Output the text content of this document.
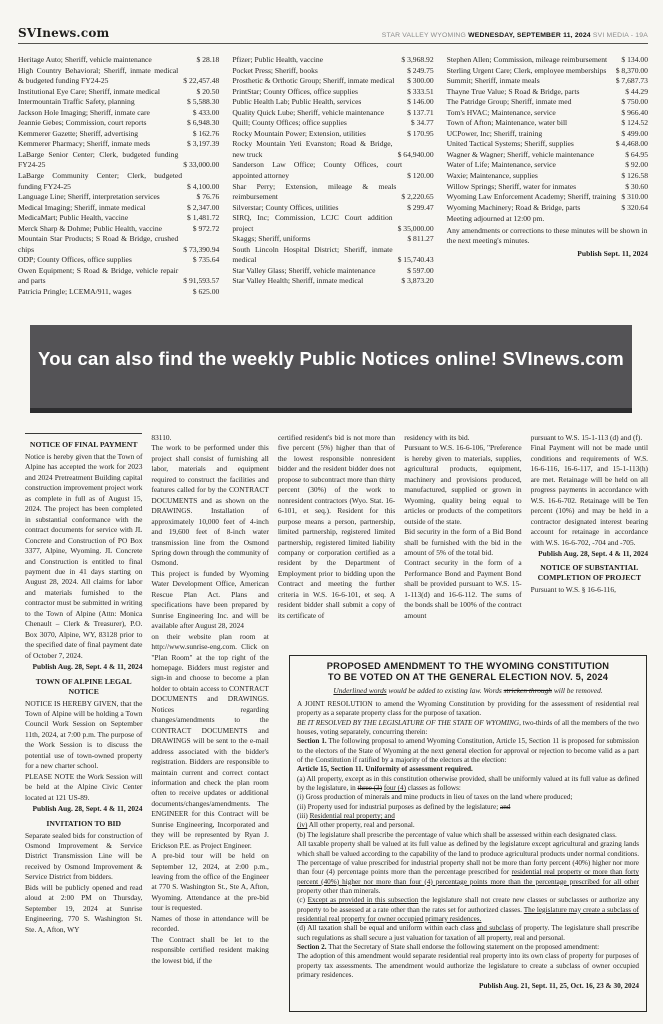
SVInews.com	STAR VALLEY WYOMING WEDNESDAY, SEPTEMBER 11, 2024 SVI MEDIA - 19A
Heritage Auto; Sheriff, vehicle maintenance	$ 28.18
High Country Behavioral; Sheriff, inmate medical & budgeted funding FY24-25	$ 22,457.48
Institutional Eye Care; Sheriff, inmate medical	$ 20.50
Intermountain Traffic Safety, planning	$ 5,588.30
Jackson Hole Imaging; Sheriff, inmate care	$ 433.00
Jeannie Gebes; Commission, court reports	$ 6,948.30
Kemmerer Gazette; Sheriff, advertising	$ 162.76
Kemmerer Pharmacy; Sheriff, inmate meds	$ 3,197.39
LaBarge Senior Center; Clerk, budgeted funding FY24-25	$ 33,000.00
LaBarge Community Center; Clerk, budgeted funding FY24-25	$ 4,100.00
Language Line; Sheriff, interpretation services	$ 76.76
Medical Imaging; Sheriff, inmate medical	$ 2,347.00
MedicaMart; Public Health, vaccine	$ 1,481.72
Merck Sharp & Dohme; Public Health, vaccine	$ 972.72
Mountain Star Products; S Road & Bridge, crushed chips	$ 73,390.94
ODP; County Offices, office supplies	$ 735.64
Owen Equipment; S Road & Bridge, vehicle repair and parts	$ 91,593.57
Patricia Pringle; LCEMA/911, wages	$ 625.00
Pfizer; Public Health, vaccine	$ 3,968.92
Pocket Press; Sheriff, books	$ 249.75
Prosthetic & Orthotic Group; Sheriff, inmate medical $ 300.00
PrintStar; County Offices, office supplies	$ 333.51
Public Health Lab; Public Health, services	$ 146.00
Quality Quick Lube; Sheriff, vehicle maintenance	$ 137.71
Quill; County Offices; office supplies	$ 34.77
Rocky Mountain Power; Extension, utilities	$ 170.95
Rocky Mountain Yeti Evanston; Road & Bridge, new truck	$ 64,940.00
Sanderson Law Office; County Offices, court appointed attorney	$ 120.00
Shar Perry; Extension, mileage & meals reimbursement	$ 2,220.65
Silverstar; County Offices, utilities	$ 299.47
SIRQ, Inc; Commission, LCJC Court addition project	$ 35,000.00
Skaggs; Sheriff, uniforms	$ 811.27
South Lincoln Hospital District; Sheriff, inmate medical	$ 15,740.43
Star Valley Glass; Sheriff, vehicle maintenance	$ 597.00
Star Valley Health; Sheriff, inmate medical	$ 3,873.20
Stephen Allen; Commission, mileage reimbursement $ 134.00
Sterling Urgent Care; Clerk, employee memberships $ 8,370.00
Summit; Sheriff, inmate meals	$ 7,687.73
Thayne True Value; S Road & Bridge, parts	$ 44.29
The Patridge Group; Sheriff, inmate med	$ 750.00
Tom's HVAC; Maintenance, service	$ 966.40
Town of Afton; Maintenance, water bill	$ 124.52
UCPower, Inc; Sheriff, training	$ 499.00
United Tactical Systems; Sheriff, supplies	$ 4,468.00
Wagner & Wagner; Sheriff, vehicle maintenance	$ 64.95
Water of Life; Maintenance, service	$ 92.00
Waxie; Maintenance, supplies	$ 126.58
Willow Springs; Sheriff, water for inmates	$ 30.60
Wyoming Law Enforcement Academy; Sheriff, training $ 310.00
Wyoming Machinery; Road & Bridge, parts	$ 320.64
Meeting adjourned at 12:00 pm.
Any amendments or corrections to these minutes will be shown in the next meeting's minutes.
Publish Sept. 11, 2024
You can also find the weekly Public Notices online! SVInews.com
NOTICE OF FINAL PAYMENT
Notice is hereby given that the Town of Alpine has accepted the work for 2023 and 2024 Pretreatment Building capital construction improvement project work as complete in full as of August 15, 2024. The project has been completed in substantial conformance with the contract documents for service with JL Concrete and Construction of PO Box 3377, Alpine, Wyoming. JL Concrete and Construction is entitled to final payment due in 41 days starting on August 28, 2024. All claims for labor and materials furnished to the contractor must be submitted in writing to the Town of Alpine (Attn: Monica Chenault – Clerk & Treasurer), P.O. Box 3070, Alpine, WY, 83128 prior to the specified date of final payment date of October 7, 2024.
Publish Aug. 28, Sept. 4 & 11, 2024
TOWN OF ALPINE LEGAL NOTICE
NOTICE IS HEREBY GIVEN, that the Town of Alpine will be holding a Town Council Work Session on September 11th, 2024, at 7:00 p.m. The purpose of the Work Session is to discuss the potential use of town-owned property for a new charter school.
PLEASE NOTE the Work Session will be held at the Alpine Civic Center located at 121 US-89.
Publish Aug. 28, Sept. 4 & 11, 2024
INVITATION TO BID
Separate sealed bids for construction of Osmond Improvement & Service District Transmission Line will be received by Osmond Improvement & Service District from bidders.
Bids will be publicly opened and read aloud at 2:00 PM on Thursday, September 19, 2024 at Sunrise Engineering, 770 S. Washington St. Ste. A, Afton, WY
83110.
The work to be performed under this project shall consist of furnishing all labor, materials and equipment required to construct the facilities and features called for by the CONTRACT DOCUMENTS and as shown on the DRAWINGS. Installation of approximately 10,000 feet of 4-inch and 19,600 feet of 8-inch water transmission line from the Osmond Spring down through the community of Osmond.
This project is funded by Wyoming Water Development Office, American Rescue Plan Act. Plans and specifications have been prepared by Sunrise Engineering Inc. and will be available after August 28, 2024
on their website plan room at http://www.sunrise-eng.com. Click on "Plan Room" at the top right of the homepage. Bidders must register and sign-in and choose to become a plan holder to obtain access to CONTRACT DOCUMENTS and DRAWINGS. Notices regarding changes/amendments to the CONTRACT DOCUMENTS and DRAWINGS will be sent to the e-mail address associated with the bidder's registration. Bidders are responsible to maintain current and correct contact information and check the plan room often to receive updates or additional documents/changes/amendments. The ENGINEER for this Contract will be Sunrise Engineering, Incorporated and they will be represented by Ryan J. Erickson P.E. as Project Engineer.
A pre-bid tour will be held on September 12, 2024, at 2:00 p.m., leaving from the office of the Engineer at 770 S. Washington St., Ste A, Afton, Wyoming. Attendance at the pre-bid tour is requested.
Names of those in attendance will be recorded.
The Contract shall be let to the responsible certified resident making the lowest bid, if the
certified resident's bid is not more than five percent (5%) higher than that of the lowest responsible nonresident bidder and the resident bidder does not propose to subcontract more than thirty percent (30%) of the work to nonresident contractors (Wyo. Stat. 16-6-101, et seq.). Resident for this purpose means a person, partnership, limited partnership, registered limited partnership, registered limited liability company or corporation certified as a resident by the Department of Employment prior to bidding upon the Contract and meeting the further criteria in W.S. 16-6-101, et seq. A resident bidder shall submit a copy of its certificate of
residency with its bid.
Pursuant to W.S. 16-6-106, "Preference is hereby given to materials, supplies, agricultural products, equipment, machinery and provisions produced, manufactured, supplied or grown in Wyoming, quality being equal to articles or products of the competitors outside of the state.
Bid security in the form of a Bid Bond shall be furnished with the bid in the amount of 5% of the total bid.
Contract security in the form of a Performance Bond and Payment Bond shall be provided pursuant to W.S. 15-1-113(d) and 16-6-112. The sums of the bonds shall be 100% of the contract amount
pursuant to W.S. 15-1-113 (d) and (f).
Final Payment will not be made until conditions and requirements of W.S. 16-6-116, 16-6-117, and 15-1-113(h) are met. Retainage will be held on all progress payments in accordance with W.S. 16-6-702. Retainage will be Ten percent (10%) and may be held in a contractor designated interest bearing account for retainage in accordance with W.S. 16-6-702, -704 and -705.
Publish Aug. 28, Sept. 4 & 11, 2024
NOTICE OF SUBSTANTIAL COMPLETION OF PROJECT
Pursuant to W.S. § 16-6-116,
PROPOSED AMENDMENT TO THE WYOMING CONSTITUTION
TO BE VOTED ON AT THE GENERAL ELECTION NOV. 5, 2024
Underlined words would be added to existing law. Words stricken through will be removed.
A JOINT RESOLUTION to amend the Wyoming Constitution by providing for the assessment of residential real property as a separate property class for the purpose of taxation.
BE IT RESOLVED BY THE LEGISLATURE OF THE STATE OF WYOMING, two-thirds of all the members of the two houses, voting separately, concurring therein:
Section 1. The following proposal to amend Wyoming Constitution, Article 15, Section 11 is proposed for submission to the electors of the State of Wyoming at the next general election for approval or rejection to become valid as a part of the Constitution if ratified by a majority of the electors at the election:
Article 15, Section 11. Uniformity of assessment required.
(a) All property, except as in this constitution otherwise provided, shall be uniformly valued at its full value as defined by the legislature, in three (3) four (4) classes as follows:
(i) Gross production of minerals and mine products in lieu of taxes on the land where produced;
(ii) Property used for industrial purposes as defined by the legislature; and
(iii) Residential real property; and
(iv) All other property, real and personal.
(b) The legislature shall prescribe the percentage of value which shall be assessed within each designated class.
All taxable property shall be valued at its full value as defined by the legislature except agricultural and grazing lands which shall be valued according to the capability of the land to produce agricultural products under normal conditions. The percentage of value prescribed for industrial property shall not be more than forty percent (40%) higher nor more than four (4) percentage points more than the percentage prescribed for residential real property or more than forty percent (40%) higher nor more than four (4) percentage points more than the percentage prescribed for all other property other than minerals.
(c) Except as provided in this subsection the legislature shall not create new classes or subclasses or authorize any property to be assessed at a rate other than the rates set for authorized classes. The legislature may create a subclass of residential real property for owner occupied primary residences.
(d) All taxation shall be equal and uniform within each class and subclass of property. The legislature shall prescribe such regulations as shall secure a just valuation for taxation of all property, real and personal.
Section 2. That the Secretary of State shall endorse the following statement on the proposed amendment:
The adoption of this amendment would separate residential real property into its own class of property for purposes of property tax assessments. The amendment would authorize the legislature to create a subclass of owner occupied primary residences.
Publish Aug. 21, Sept. 11, 25, Oct. 16, 23 & 30, 2024
